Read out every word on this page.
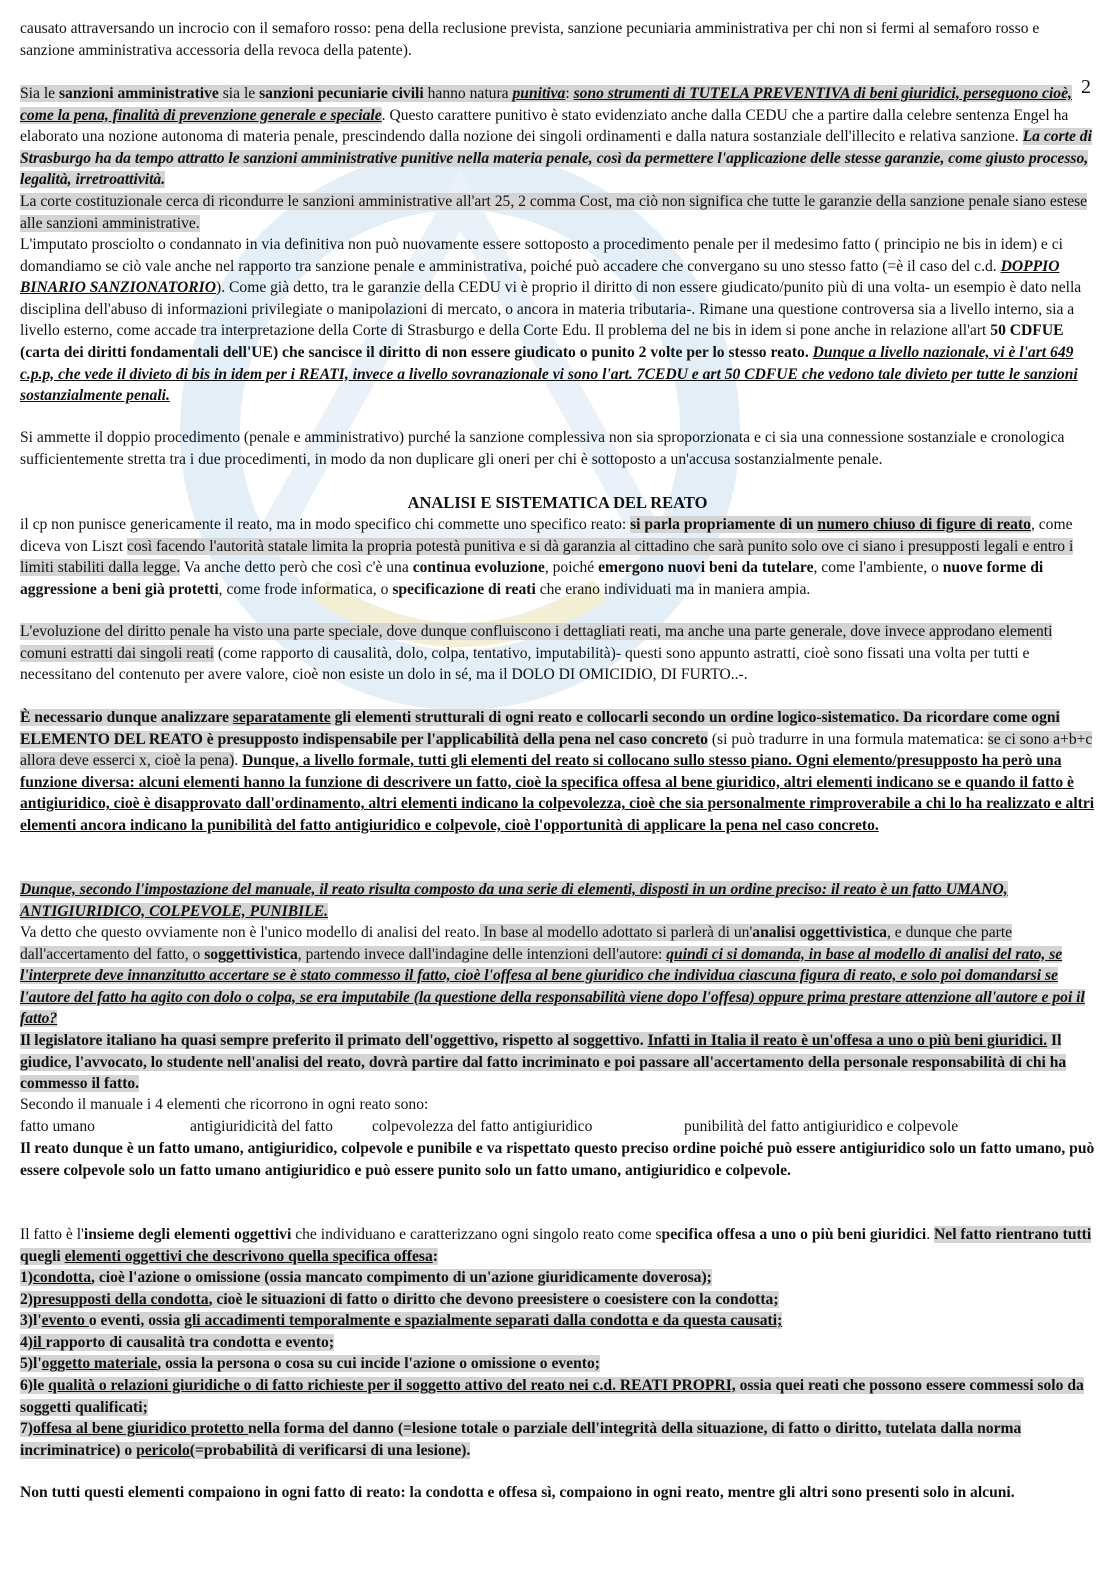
2

causato attraversando un incrocio con il semaforo rosso: pena della reclusione prevista, sanzione pecuniaria amministrativa per chi non si fermi al semaforo rosso e sanzione amministrativa accessoria della revoca della patente).

Sia le sanzioni amministrative sia le sanzioni pecuniarie civili hanno natura punitiva: sono strumenti di TUTELA PREVENTIVA di beni giuridici, perseguono cioè, come la pena, finalità di prevenzione generale e speciale. Questo carattere punitivo è stato evidenziato anche dalla CEDU che a partire dalla celebre sentenza Engel ha elaborato una nozione autonoma di materia penale, prescindendo dalla nozione dei singoli ordinamenti e dalla natura sostanziale dell'illecito e relativa sanzione. La corte di Strasburgo ha da tempo attratto le sanzioni amministrative punitive nella materia penale, così da permettere l'applicazione delle stesse garanzie, come giusto processo, legalità, irretroattività.

La corte costituzionale cerca di ricondurre le sanzioni amministrative all'art 25, 2 comma Cost, ma ciò non significa che tutte le garanzie della sanzione penale siano estese alle sanzioni amministrative.

L'imputato prosciolto o condannato in via definitiva non può nuovamente essere sottoposto a procedimento penale per il medesimo fatto ( principio ne bis in idem) e ci domandiamo se ciò vale anche nel rapporto tra sanzione penale e amministrativa, poiché può accadere che convergano su uno stesso fatto (=è il caso del c.d. DOPPIO BINARIO SANZIONATORIO). Come già detto, tra le garanzie della CEDU vi è proprio il diritto di non essere giudicato/punito più di una volta- un esempio è dato nella disciplina dell'abuso di informazioni privilegiate o manipolazioni di mercato, o ancora in materia tributaria-. Rimane una questione controversa sia a livello interno, sia a livello esterno, come accade tra interpretazione della Corte di Strasburgo e della Corte Edu. Il problema del ne bis in idem si pone anche in relazione all'art 50 CDFUE (carta dei diritti fondamentali dell'UE) che sancisce il diritto di non essere giudicato o punito 2 volte per lo stesso reato. Dunque a livello nazionale, vi è l'art 649 c.p.p, che vede il divieto di bis in idem per i REATI, invece a livello sovranazionale vi sono l'art. 7CEDU e art 50 CDFUE che vedono tale divieto per tutte le sanzioni sostanzialmente penali.

Si ammette il doppio procedimento (penale e amministrativo) purché la sanzione complessiva non sia sproporzionata e ci sia una connessione sostanziale e cronologica sufficientemente stretta tra i due procedimenti, in modo da non duplicare gli oneri per chi è sottoposto a un'accusa sostanzialmente penale.

ANALISI E SISTEMATICA DEL REATO

il cp non punisce genericamente il reato, ma in modo specifico chi commette uno specifico reato: si parla propriamente di un numero chiuso di figure di reato, come diceva von Liszt così facendo l'autorità statale limita la propria potestà punitiva e si dà garanzia al cittadino che sarà punito solo ove ci siano i presupposti legali e entro i limiti stabiliti dalla legge. Va anche detto però che così c'è una continua evoluzione, poiché emergono nuovi beni da tutelare, come l'ambiente, o nuove forme di aggressione a beni già protetti, come frode informatica, o specificazione di reati che erano individuati ma in maniera ampia.

L'evoluzione del diritto penale ha visto una parte speciale, dove dunque confluiscono i dettagliati reati, ma anche una parte generale, dove invece approdano elementi comuni estratti dai singoli reati (come rapporto di causalità, dolo, colpa, tentativo, imputabilità)- questi sono appunto astratti, cioè sono fissati una volta per tutti e necessitano del contenuto per avere valore, cioè non esiste un dolo in sé, ma il DOLO DI OMICIDIO, DI FURTO..-.

È necessario dunque analizzare separatamente gli elementi strutturali di ogni reato e collocarli secondo un ordine logico-sistematico. Da ricordare come ogni ELEMENTO DEL REATO è presupposto indispensabile per l'applicabilità della pena nel caso concreto (si può tradurre in una formula matematica: se ci sono a+b+c allora deve esserci x, cioè la pena). Dunque, a livello formale, tutti gli elementi del reato si collocano sullo stesso piano. Ogni elemento/presupposto ha però una funzione diversa: alcuni elementi hanno la funzione di descrivere un fatto, cioè la specifica offesa al bene giuridico, altri elementi indicano se e quando il fatto è antigiuridico, cioè è disapprovato dall'ordinamento, altri elementi indicano la colpevolezza, cioè che sia personalmente rimproverabile a chi lo ha realizzato e altri elementi ancora indicano la punibilità del fatto antigiuridico e colpevole, cioè l'opportunità di applicare la pena nel caso concreto.

Dunque, secondo l'impostazione del manuale, il reato risulta composto da una serie di elementi, disposti in un ordine preciso: il reato è un fatto UMANO, ANTIGIURIDICO, COLPEVOLE, PUNIBILE.

Va detto che questo ovviamente non è l'unico modello di analisi del reato. In base al modello adottato si parlerà di un'analisi oggettivistica, e dunque che parte dall'accertamento del fatto, o soggettivistica, partendo invece dall'indagine delle intenzioni dell'autore: quindi ci si domanda, in base al modello di analisi del rato, se l'interprete deve innanzitutto accertare se è stato commesso il fatto, cioè l'offesa al bene giuridico che individua ciascuna figura di reato, e solo poi domandarsi se l'autore del fatto ha agito con dolo o colpa, se era imputabile (la questione della responsabilità viene dopo l'offesa) oppure prima prestare attenzione all'autore e poi il fatto?

Il legislatore italiano ha quasi sempre preferito il primato dell'oggettivo, rispetto al soggettivo. Infatti in Italia il reato è un'offesa a uno o più beni giuridici. Il giudice, l'avvocato, lo studente nell'analisi del reato, dovrà partire dal fatto incriminato e poi passare all'accertamento della personale responsabilità di chi ha commesso il fatto.

Secondo il manuale i 4 elementi che ricorrono in ogni reato sono:

fatto umano	antigiuridicità del fatto	colpevolezza del fatto antigiuridico	punibilità del fatto antigiuridico e colpevole

Il reato dunque è un fatto umano, antigiuridico, colpevole e punibile e va rispettato questo preciso ordine poiché può essere antigiuridico solo un fatto umano, può essere colpevole solo un fatto umano antigiuridico e può essere punito solo un fatto umano, antigiuridico e colpevole.

Il fatto è l'insieme degli elementi oggettivi che individuano e caratterizzano ogni singolo reato come specifica offesa a uno o più beni giuridici. Nel fatto rientrano tutti quegli elementi oggettivi che descrivono quella specifica offesa:

1)condotta, cioè l'azione o omissione (ossia mancato compimento di un'azione giuridicamente doverosa);
2)presupposti della condotta, cioè le situazioni di fatto o diritto che devono preesistere o coesistere con la condotta;
3)l'evento o eventi, ossia gli accadimenti temporalmente e spazialmente separati dalla condotta e da questa causati;
4)il rapporto di causalità tra condotta e evento;
5)l'oggetto materiale, ossia la persona o cosa su cui incide l'azione o omissione o evento;
6)le qualità o relazioni giuridiche o di fatto richieste per il soggetto attivo del reato nei c.d. REATI PROPRI, ossia quei reati che possono essere commessi solo da soggetti qualificati;
7)offesa al bene giuridico protetto nella forma del danno (=lesione totale o parziale dell'integrità della situazione, di fatto o diritto, tutelata dalla norma incriminatrice) o pericolo(=probabilità di verificarsi di una lesione).

Non tutti questi elementi compaiono in ogni fatto di reato: la condotta e offesa sì, compaiono in ogni reato, mentre gli altri sono presenti solo in alcuni.
